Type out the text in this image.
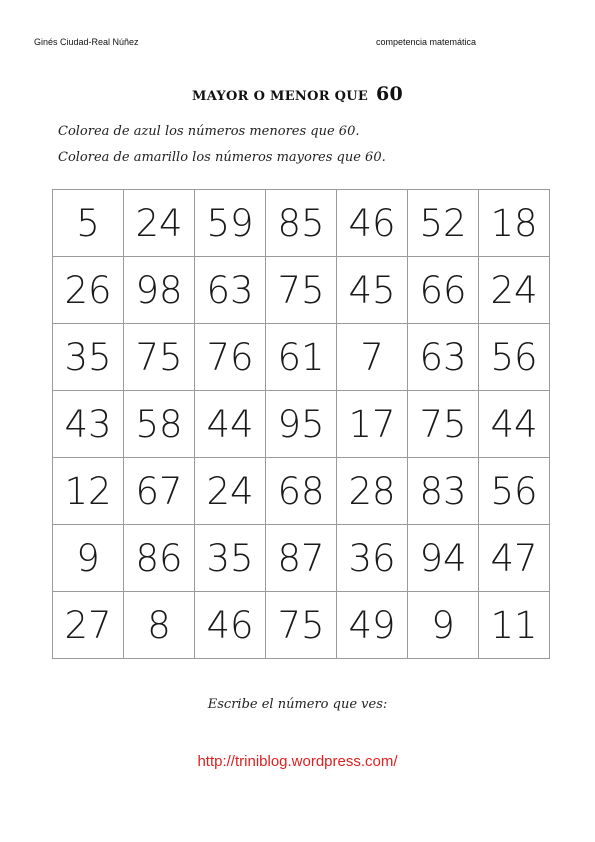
Ginés Ciudad-Real Núñez	competencia matemática
MAYOR O MENOR QUE 60
Colorea de azul los números menores que 60.
Colorea de amarillo los números mayores que 60.
5	24	59	85	46	52	18
26	98	63	75	45	66	24
35	75	76	61	7	63	56
43	58	44	95	17	75	44
12	67	24	68	28	83	56
9	86	35	87	36	94	47
27	8	46	75	49	9	11
Escribe el número que ves:
http://triniblog.wordpress.com/
